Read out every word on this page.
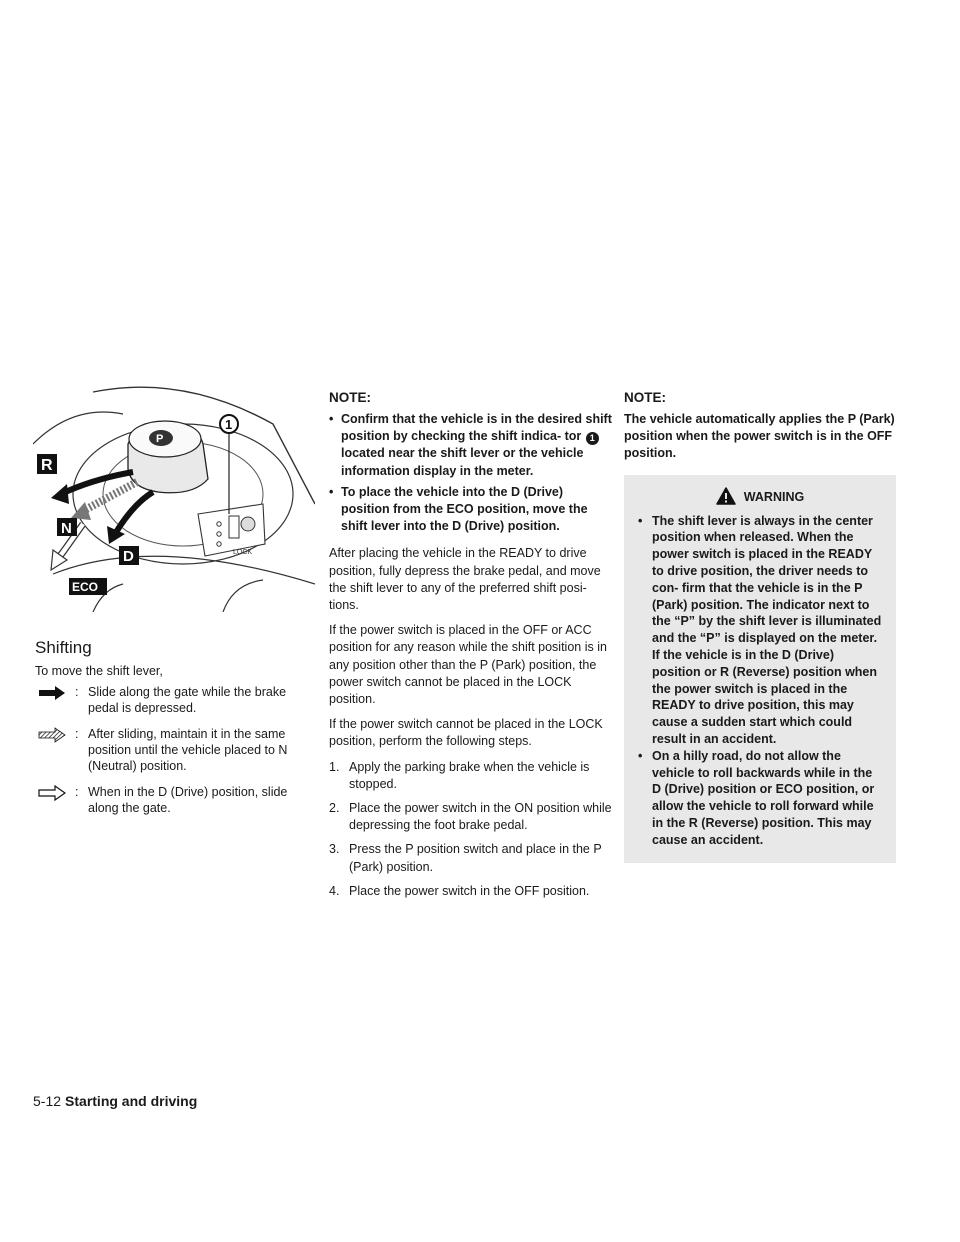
LOCK
P
R
N
D
ECO
1
Shifting

To move the shift lever,

: Slide along the gate while the brake pedal is depressed.
: After sliding, maintain it in the same position until the vehicle placed to N (Neutral) position.
: When in the D (Drive) position, slide along the gate.

NOTE:

• Confirm that the vehicle is in the desired shift position by checking the shift indica- tor 1 located near the shift lever or the vehicle information display in the meter.
• To place the vehicle into the D (Drive) position from the ECO position, move the shift lever into the D (Drive) position.

After placing the vehicle in the READY to drive position, fully depress the brake pedal, and move the shift lever to any of the preferred shift posi- tions.

If the power switch is placed in the OFF or ACC position for any reason while the shift position is in any position other than the P (Park) position, the power switch cannot be placed in the LOCK position.

If the power switch cannot be placed in the LOCK position, perform the following steps.

1. Apply the parking brake when the vehicle is stopped.
2. Place the power switch in the ON position while depressing the foot brake pedal.
3. Press the P position switch and place in the P (Park) position.
4. Place the power switch in the OFF position.

NOTE:

The vehicle automatically applies the P (Park) position when the power switch is in the OFF position.

WARNING

• The shift lever is always in the center position when released. When the power switch is placed in the READY to drive position, the driver needs to con- firm that the vehicle is in the P (Park) position. The indicator next to the “P” by the shift lever is illuminated and the “P” is displayed on the meter. If the vehicle is in the D (Drive) position or R (Reverse) position when the power switch is placed in the READY to drive position, this may cause a sudden start which could result in an accident.
• On a hilly road, do not allow the vehicle to roll backwards while in the D (Drive) position or ECO position, or allow the vehicle to roll forward while in the R (Reverse) position. This may cause an accident.
5-12 Starting and driving
